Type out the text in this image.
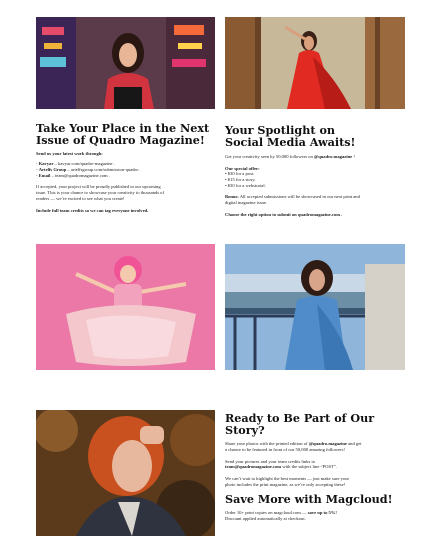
Take Your Place in the Next
Issue of Quadro Magazine!

Send us your latest work through:

- Kavyar – kavyar.com/quadro-magazine .
- Artelfs Group – artelfsgroup.com/submission-quadro .
- Email – team@quadromagazine.com .

If accepted, your project will be proudly published in our upcoming
issue. This is your chance to showcase your creativity to thousands of
readers — we’re excited to see what you create!

Include full team credits so we can tag everyone involved.

Your Spotlight on
Social Media Awaits!

Get your creativity seen by 50,000 followers on @quadro.magazine !

Our special offer:

• $30 for a post.
• $15 for a story.
• $30 for a webstorial.

Bonus: All accepted submissions will be showcased in our next print and
digital magazine issue.

Choose the right option to submit on quadromagazine.com .

Ready to Be Part of Our Story?

Share your photos with the printed edition of @quadro.magazine and get
a chance to be featured in front of our 50,000 amazing followers!

Send your pictures and your team credits links to
team@quadromagazine.com with the subject line “POST”.

We can’t wait to highlight the best moments — just make sure your
photo includes the print magazine, as we’re only accepting these!

Save More with Magcloud!

Order 10+ print copies on magcloud.com — save up to 5%!
Discount applied automatically at checkout.
